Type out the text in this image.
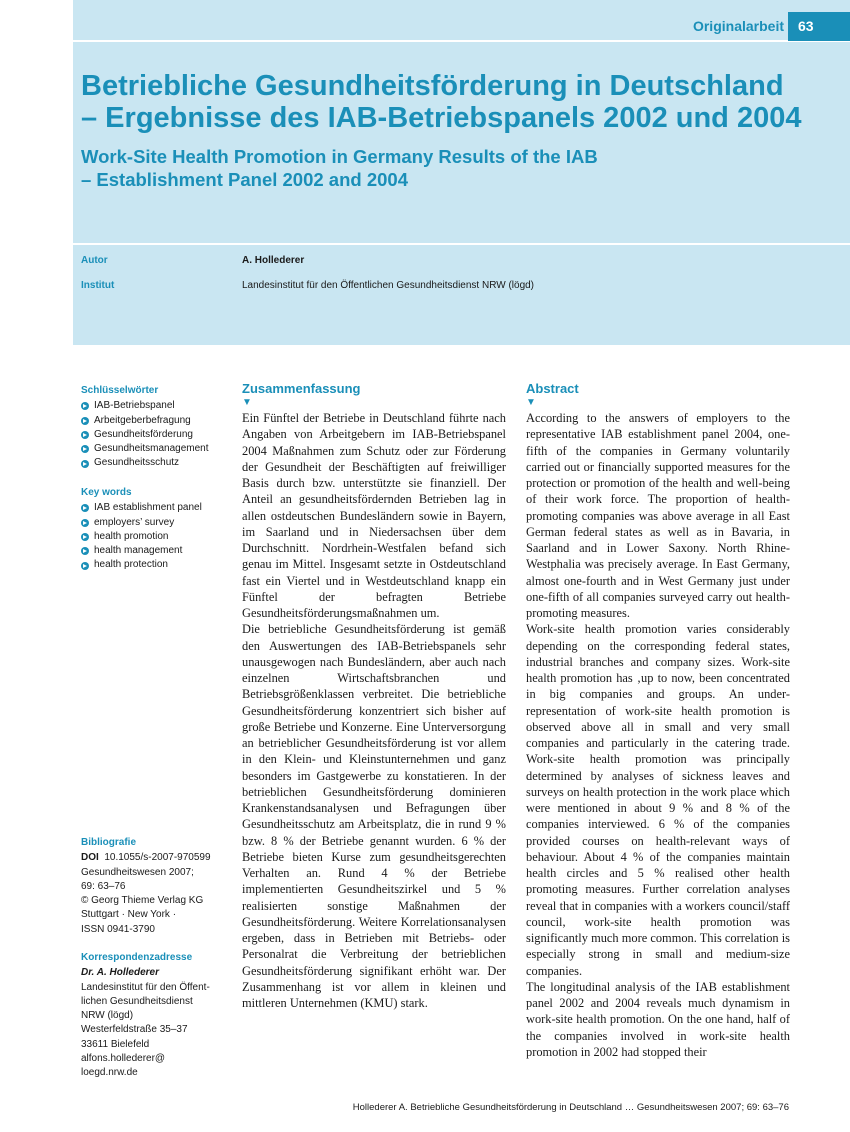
Originalarbeit	63
Betriebliche Gesundheitsförderung in Deutschland
– Ergebnisse des IAB-Betriebspanels 2002 und 2004
Work-Site Health Promotion in Germany Results of the IAB
– Establishment Panel 2002 and 2004
Autor	A. Hollederer
Institut	Landesinstitut für den Öffentlichen Gesundheitsdienst NRW (lögd)
Schlüsselwörter
IAB-Betriebspanel
Arbeitgeberbefragung
Gesundheitsförderung
Gesundheitsmanagement
Gesundheitsschutz
Key words
IAB establishment panel
employers’ survey
health promotion
health management
health protection
Bibliografie

DOI 10.1055/s-2007-970599

Gesundheitswesen 2007;

69: 63–76

© Georg Thieme Verlag KG

Stuttgart · New York ·

ISSN 0941-3790

Korrespondenzadresse

Dr. A. Hollederer

Landesinstitut für den Öffent-

lichen Gesundheitsdienst

NRW (lögd)

Westerfeldstraße 35–37

33611 Bielefeld

alfons.hollederer@

loegd.nrw.de

Zusammenfassung
▼

Ein Fünftel der Betriebe in Deutschland führte nach Angaben von Arbeitgebern im IAB-Betriebspanel 2004 Maßnahmen zum Schutz oder zur Förderung der Gesundheit der Beschäftigten auf freiwilliger Basis durch bzw. unterstützte sie finanziell. Der Anteil an gesundheitsfördernden Betrieben lag in allen ostdeutschen Bundesländern sowie in Bayern, im Saarland und in Niedersachsen über dem Durchschnitt. Nordrhein-Westfalen befand sich genau im Mittel. Insgesamt setzte in Ostdeutschland fast ein Viertel und in Westdeutschland knapp ein Fünftel der befragten Betriebe Gesundheitsförderungsmaßnahmen um.

Die betriebliche Gesundheitsförderung ist gemäß den Auswertungen des IAB-Betriebspanels sehr unausgewogen nach Bundesländern, aber auch nach einzelnen Wirtschaftsbranchen und Betriebsgrößenklassen verbreitet. Die betriebliche Gesundheitsförderung konzentriert sich bisher auf große Betriebe und Konzerne. Eine Unterversorgung an betrieblicher Gesundheitsförderung ist vor allem in den Klein- und Kleinstunternehmen und ganz besonders im Gastgewerbe zu konstatieren. In der betrieblichen Gesundheitsförderung dominieren Krankenstandsanalysen und Befragungen über Gesundheitsschutz am Arbeitsplatz, die in rund 9 % bzw. 8 % der Betriebe genannt wurden. 6 % der Betriebe bieten Kurse zum gesundheitsgerechten Verhalten an. Rund 4 % der Betriebe implementierten Gesundheitszirkel und 5 % realisierten sonstige Maßnahmen der Gesundheitsförderung. Weitere Korrelationsanalysen ergeben, dass in Betrieben mit Betriebs- oder Personalrat die Verbreitung der betrieblichen Gesundheitsförderung signifikant erhöht war. Der Zusammenhang ist vor allem in kleinen und mittleren Unternehmen (KMU) stark.

Abstract
▼

According to the answers of employers to the representative IAB establishment panel 2004, one-fifth of the companies in Germany voluntarily carried out or financially supported measures for the protection or promotion of the health and well-being of their work force. The proportion of health-promoting companies was above average in all East German federal states as well as in Bavaria, in Saarland and in Lower Saxony. North Rhine-Westphalia was precisely average. In East Germany, almost one-fourth and in West Germany just under one-fifth of all companies surveyed carry out health-promoting measures.

Work-site health promotion varies considerably depending on the corresponding federal states, industrial branches and company sizes. Work-site health promotion has ‚up to now, been concentrated in big companies and groups. An under-representation of work-site health promotion is observed above all in small and very small companies and particularly in the catering trade. Work-site health promotion was principally determined by analyses of sickness leaves and surveys on health protection in the work place which were mentioned in about 9 % and 8 % of the companies interviewed. 6 % of the companies provided courses on health-relevant ways of behaviour. About 4 % of the companies maintain health circles and 5 % realised other health promoting measures. Further correlation analyses reveal that in companies with a workers council/staff council, work-site health promotion was significantly much more common. This correlation is especially strong in small and medium-size companies.

The longitudinal analysis of the IAB establishment panel 2002 and 2004 reveals much dynamism in work-site health promotion. On the one hand, half of the companies involved in work-site health promotion in 2002 had stopped their

Hollederer A. Betriebliche Gesundheitsförderung in Deutschland … Gesundheitswesen 2007; 69: 63–76
